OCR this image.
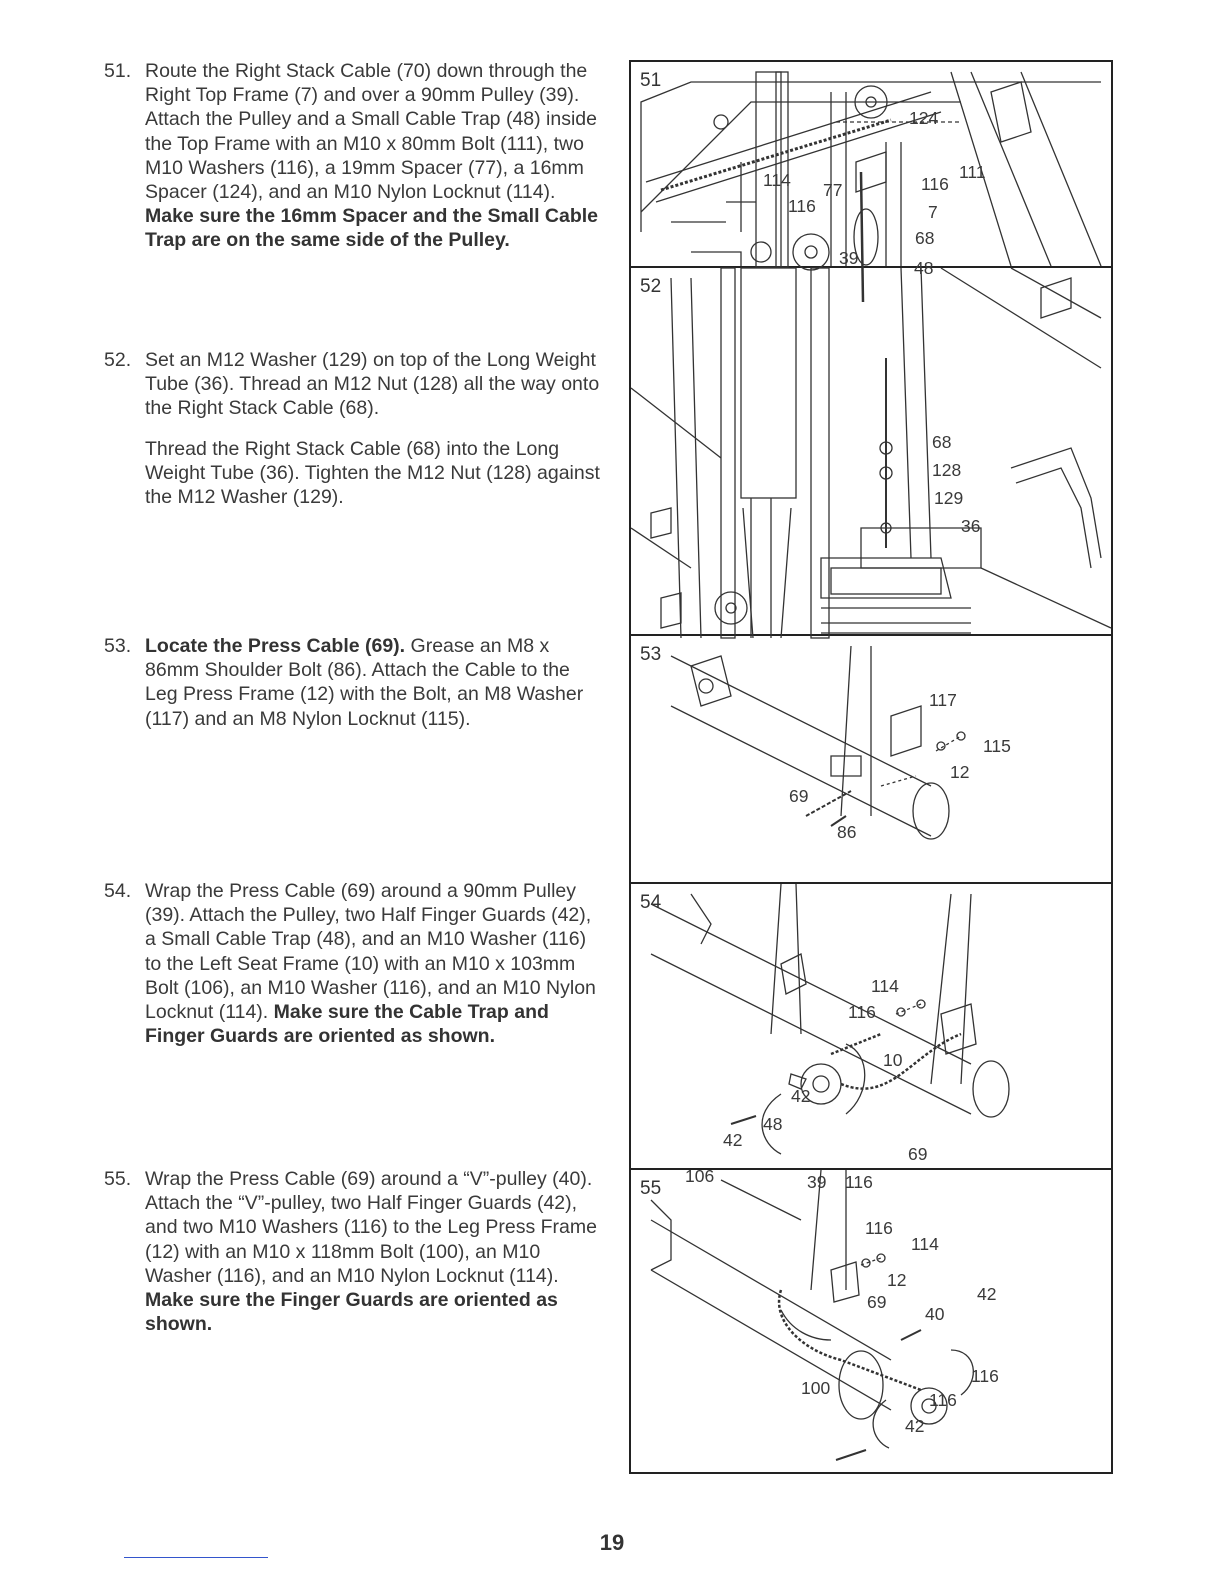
51. Route the Right Stack Cable (70) down through the Right Top Frame (7) and over a 90mm Pulley (39). Attach the Pulley and a Small Cable Trap (48) inside the Top Frame with an M10 x 80mm Bolt (111), two M10 Washers (116), a 19mm Spacer (77), a 16mm Spacer (124), and an M10 Nylon Locknut (114). Make sure the 16mm Spacer and the Small Cable Trap are on the same side of the Pulley.

52. Set an M12 Washer (129) on top of the Long Weight Tube (36). Thread an M12 Nut (128) all the way onto the Right Stack Cable (68).

Thread the Right Stack Cable (68) into the Long Weight Tube (36). Tighten the M12 Nut (128) against the M12 Washer (129).

53. Locate the Press Cable (69). Grease an M8 x 86mm Shoulder Bolt (86). Attach the Cable to the Leg Press Frame (12) with the Bolt, an M8 Washer (117) and an M8 Nylon Locknut (115).

54. Wrap the Press Cable (69) around a 90mm Pulley (39). Attach the Pulley, two Half Finger Guards (42), a Small Cable Trap (48), and an M10 Washer (116) to the Left Seat Frame (10) with an M10 x 103mm Bolt (106), an M10 Washer (116), and an M10 Nylon Locknut (114). Make sure the Cable Trap and Finger Guards are oriented as shown.

55. Wrap the Press Cable (69) around a “V”-pulley (40). Attach the “V”-pulley, two Half Finger Guards (42), and two M10 Washers (116) to the Leg Press Frame (12) with an M10 x 118mm Bolt (100), an M10 Washer (116), and an M10 Nylon Locknut (114). Make sure the Finger Guards are oriented as shown.

51
124
114 77
116
111
116
7
68
39	48
52
68
128
129
36
53
117
115
12
69
86
54
114
116
10
42
48
42
69
106	39 116
55
116
114
12
69	42
40
116
100
116
42
19
